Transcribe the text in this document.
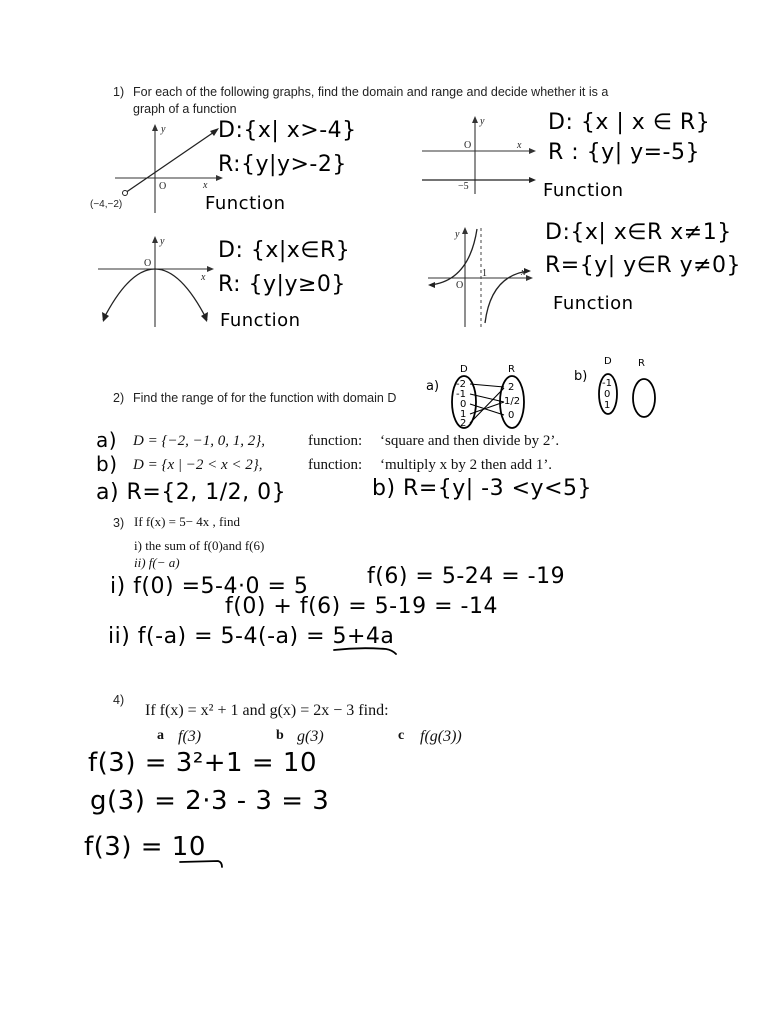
1) For each of the following graphs, find the domain and range and decide whether it is a
graph of a function
y
x
O
(−4,−2)
D:{x| x>-4}
R:{y|y>-2}
Function
y
x
O
−5
D: {x | x ∈ R}
R : {y| y=-5}
Function
y
x
O
D: {x|x∈R}
R: {y|y≥0}
Function
y
x
O
1
D:{x| x∈R x≠1}
R={y| y∈R y≠0}
Function
2) Find the range of for the function with domain D
a)
D	R
-2
-1
0
1
2
2
1/2
0
b)
D	R
-1
0
1
a) D = {−2, −1, 0, 1, 2},	function: ‘square and then divide by 2’.
b) D = {x | −2 < x < 2},	function: ‘multiply x by 2 then add 1’.
a) R={2, 1/2, 0}	b) R={y| -3 <y<5}
3) If f(x) = 5− 4x , find
i) the sum of f(0)and f(6)
ii) f(− a)
i) f(0) =5-4·0 = 5	f(6) = 5-24 = -19
f(0) + f(6) = 5-19 = -14
ii) f(-a) = 5-4(-a) = 5+4a
4)
If f(x) = x² + 1 and g(x) = 2x − 3 find:
a f(3)	b g(3)	c f(g(3))
f(3) = 3²+1 = 10
g(3) = 2·3 - 3 = 3
f(3) = 10
